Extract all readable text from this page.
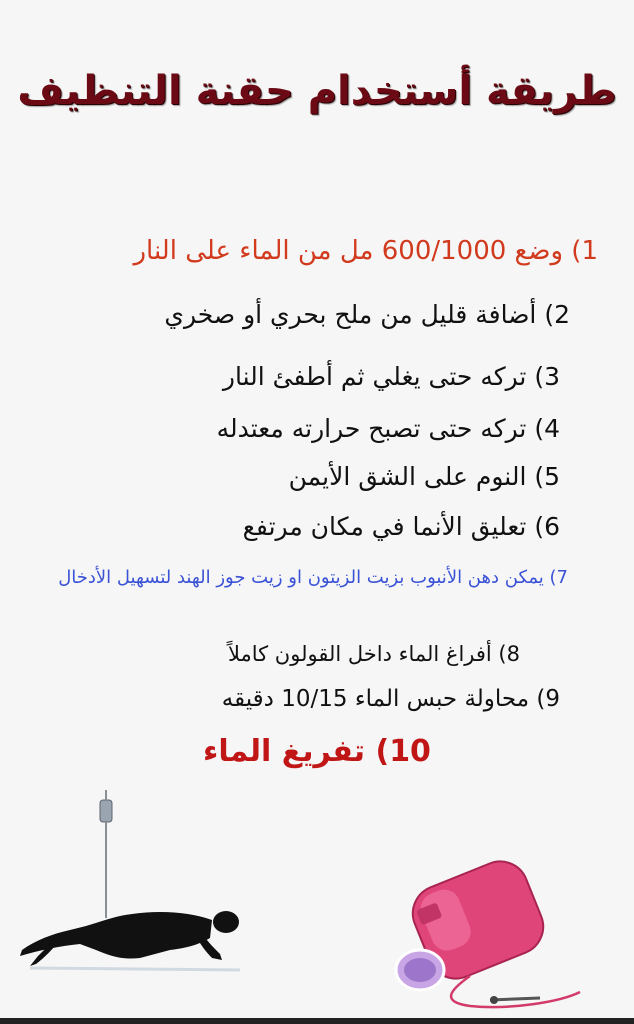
طريقة أستخدام حقنة التنظيف
1) وضع 600/1000 مل من الماء على النار
2) أضافة قليل من ملح بحري أو صخري
3) تركه حتى يغلي ثم أطفئ النار
4) تركه حتى تصبح حرارته معتدله
5) النوم على الشق الأيمن
6) تعليق الأنما في مكان مرتفع
7) يمكن دهن الأنبوب بزيت الزيتون او زيت جوز الهند لتسهيل الأدخال
8) أفراغ الماء داخل القولون كاملاً
9) محاولة حبس الماء 10/15 دقيقه
10) تفريغ الماء
